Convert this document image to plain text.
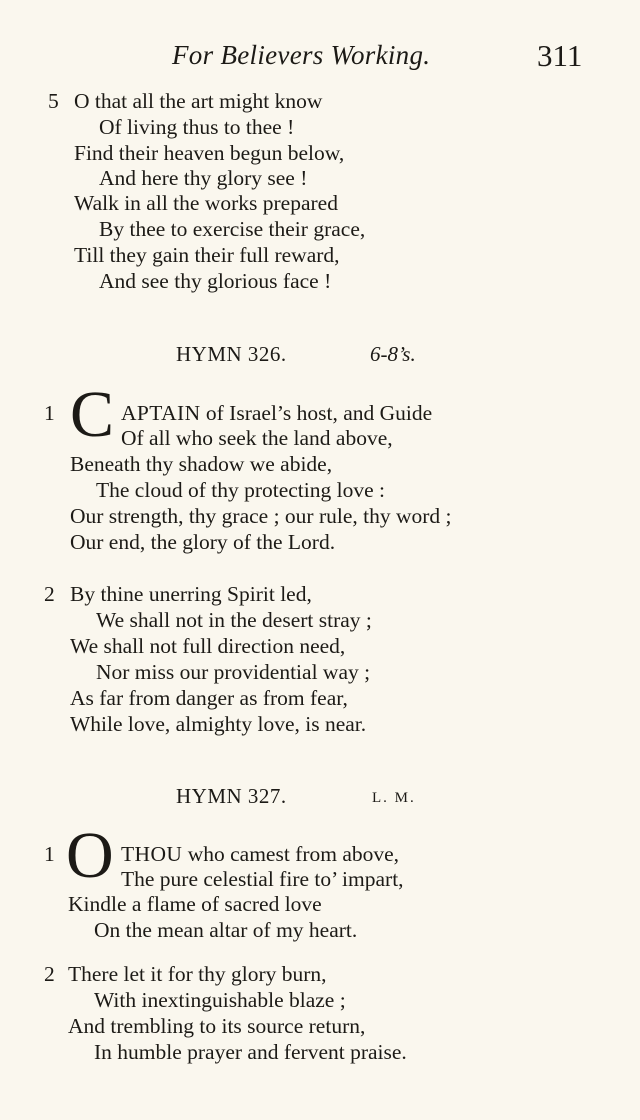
For Believers Working.	311
5 O that all the art might know
Of living thus to thee !
Find their heaven begun below,
And here thy glory see !
Walk in all the works prepared
By thee to exercise their grace,
Till they gain their full reward,
And see thy glorious face !
HYMN 326.	6-8’s.
1 C APTAIN of Israel’s host, and Guide
Of all who seek the land above,
Beneath thy shadow we abide,
The cloud of thy protecting love :
Our strength, thy grace ; our rule, thy word ;
Our end, the glory of the Lord.
2 By thine unerring Spirit led,
We shall not in the desert stray ;
We shall not full direction need,
Nor miss our providential way ;
As far from danger as from fear,
While love, almighty love, is near.
HYMN 327.	L. M.
1 O THOU who camest from above,
The pure celestial fire to’ impart,
Kindle a flame of sacred love
On the mean altar of my heart.
2 There let it for thy glory burn,
With inextinguishable blaze ;
And trembling to its source return,
In humble prayer and fervent praise.
